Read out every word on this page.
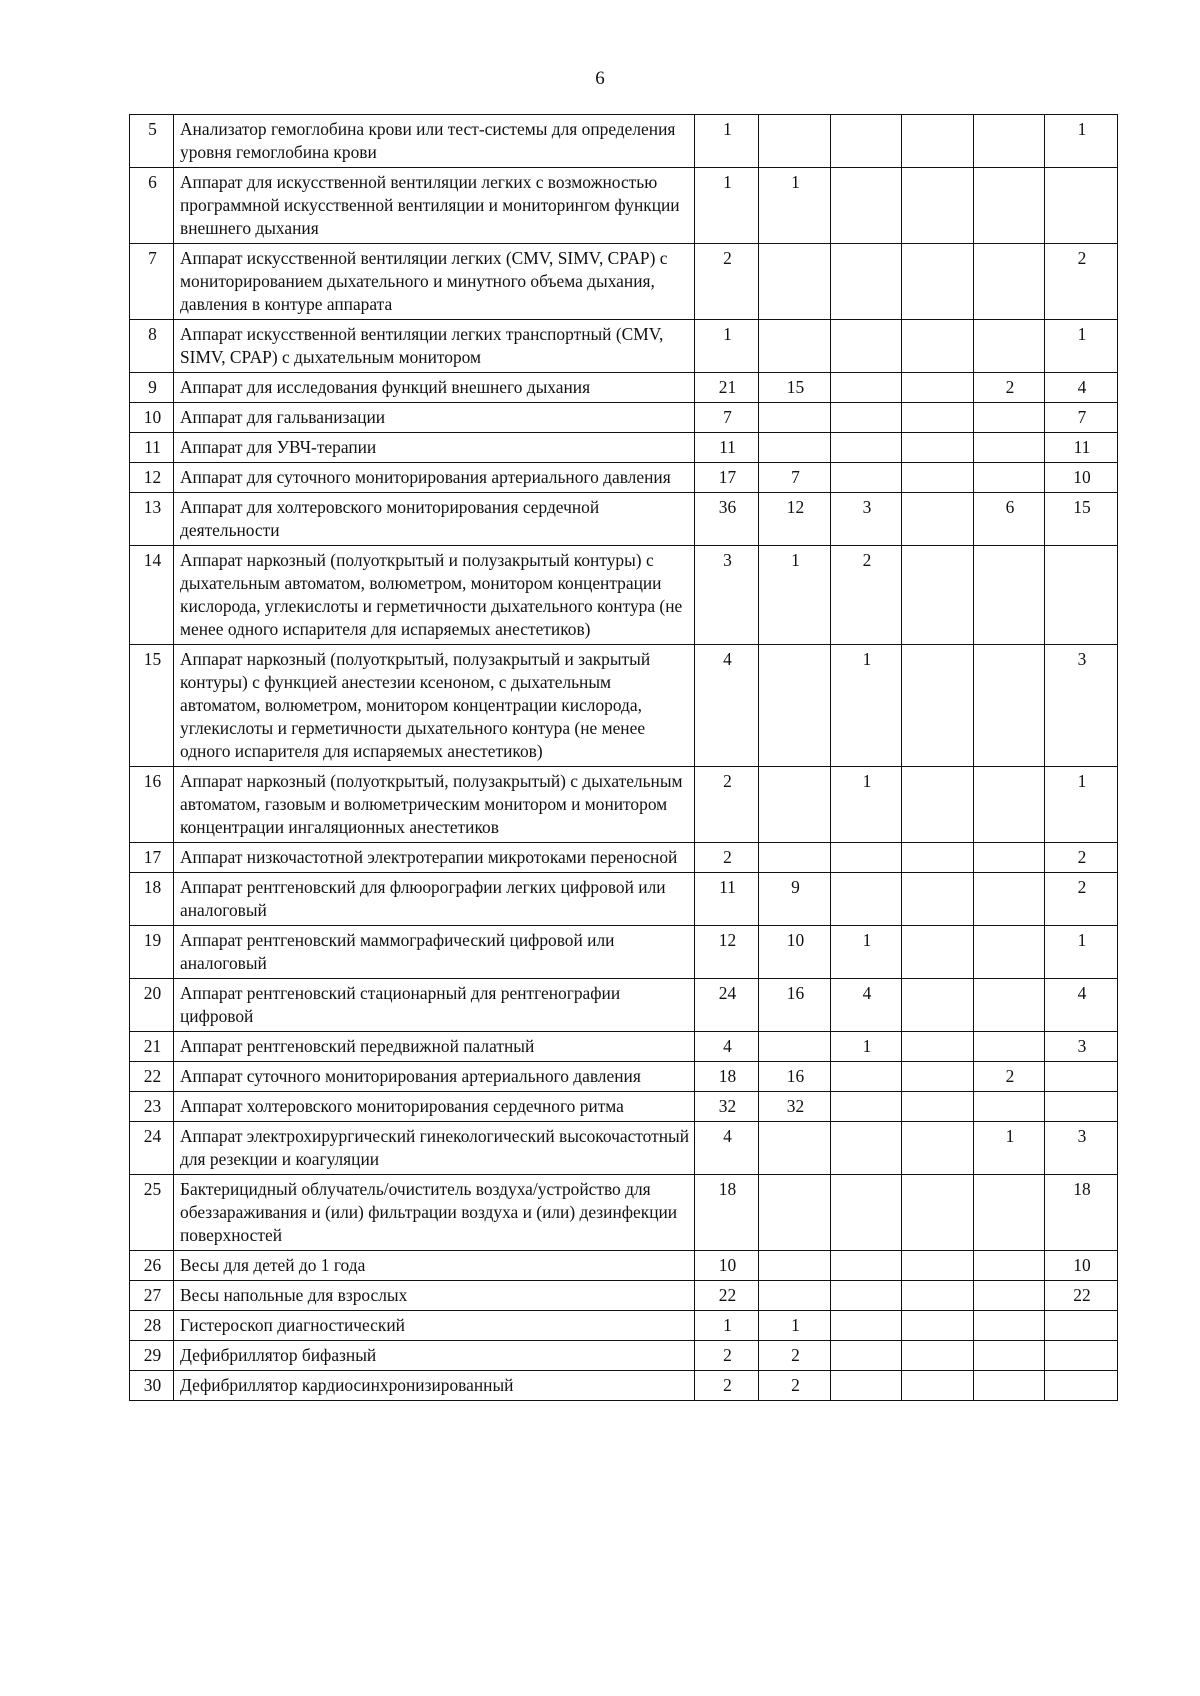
6
5	Анализатор гемоглобина крови или тест-системы для определения уровня гемоглобина крови	1					1
6	Аппарат для искусственной вентиляции легких с возможностью программной искусственной вентиляции и мониторингом функции внешнего дыхания	1	1				
7	Аппарат искусственной вентиляции легких (CMV, SIMV, CPAP) с мониторированием дыхательного и минутного объема дыхания, давления в контуре аппарата	2					2
8	Аппарат искусственной вентиляции легких транспортный (CMV, SIMV, CPAP) с дыхательным монитором	1					1
9	Аппарат для исследования функций внешнего дыхания	21	15			2	4
10	Аппарат для гальванизации	7					7
11	Аппарат для УВЧ-терапии	11					11
12	Аппарат для суточного мониторирования артериального давления	17	7				10
13	Аппарат для холтеровского мониторирования сердечной деятельности	36	12	3		6	15
14	Аппарат наркозный (полуоткрытый и полузакрытый контуры) с дыхательным автоматом, волюметром, монитором концентрации кислорода, углекислоты и герметичности дыхательного контура (не менее одного испарителя для испаряемых анестетиков)	3	1	2			
15	Аппарат наркозный (полуоткрытый, полузакрытый и закрытый контуры) с функцией анестезии ксеноном, с дыхательным автоматом, волюметром, монитором концентрации кислорода, углекислоты и герметичности дыхательного контура (не менее одного испарителя для испаряемых анестетиков)	4		1			3
16	Аппарат наркозный (полуоткрытый, полузакрытый) с дыхательным автоматом, газовым и волюметрическим монитором и монитором концентрации ингаляционных анестетиков	2		1			1
17	Аппарат низкочастотной электротерапии микротоками переносной	2					2
18	Аппарат рентгеновский для флюорографии легких цифровой или аналоговый	11	9				2
19	Аппарат рентгеновский маммографический цифровой или аналоговый	12	10	1			1
20	Аппарат рентгеновский стационарный для рентгенографии цифровой	24	16	4			4
21	Аппарат рентгеновский передвижной палатный	4		1			3
22	Аппарат суточного мониторирования артериального давления	18	16			2	
23	Аппарат холтеровского мониторирования сердечного ритма	32	32				
24	Аппарат электрохирургический гинекологический высокочастотный для резекции и коагуляции	4				1	3
25	Бактерицидный облучатель/очиститель воздуха/устройство для обеззараживания и (или) фильтрации воздуха и (или) дезинфекции поверхностей	18					18
26	Весы для детей до 1 года	10					10
27	Весы напольные для взрослых	22					22
28	Гистероскоп диагностический	1	1				
29	Дефибриллятор бифазный	2	2				
30	Дефибриллятор кардиосинхронизированный	2	2				
